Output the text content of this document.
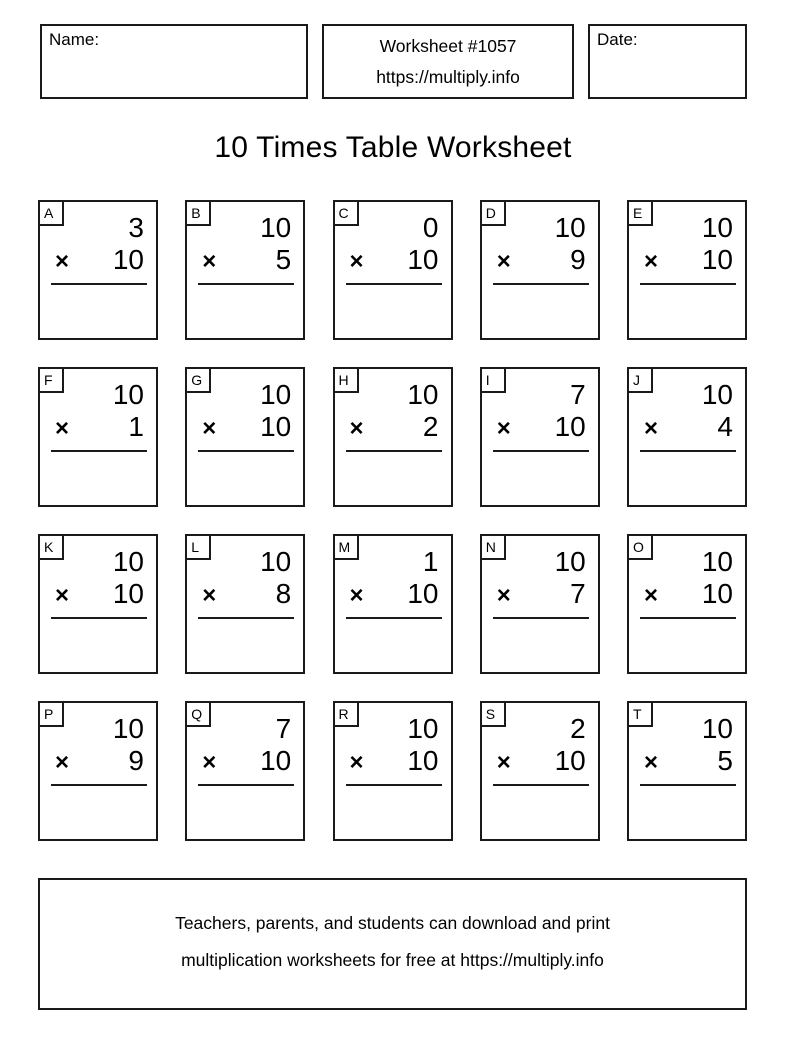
Name:	Worksheet #1057
https://multiply.info
Date:
10 Times Table Worksheet
A	3
× 10
B	10
× 5
C	0
× 10
D	10
× 9
E	10
× 10
F	10
× 1
G	10
× 10
H	10
× 2
I	7
× 10
J	10
× 4
K	10
× 10
L	10
× 8
M	1
× 10
N	10
× 7
O	10
× 10
P	10
× 9
Q	7
× 10
R	10
× 10
S	2
× 10
T	10
× 5
Teachers, parents, and students can download and print
multiplication worksheets for free at https://multiply.info
